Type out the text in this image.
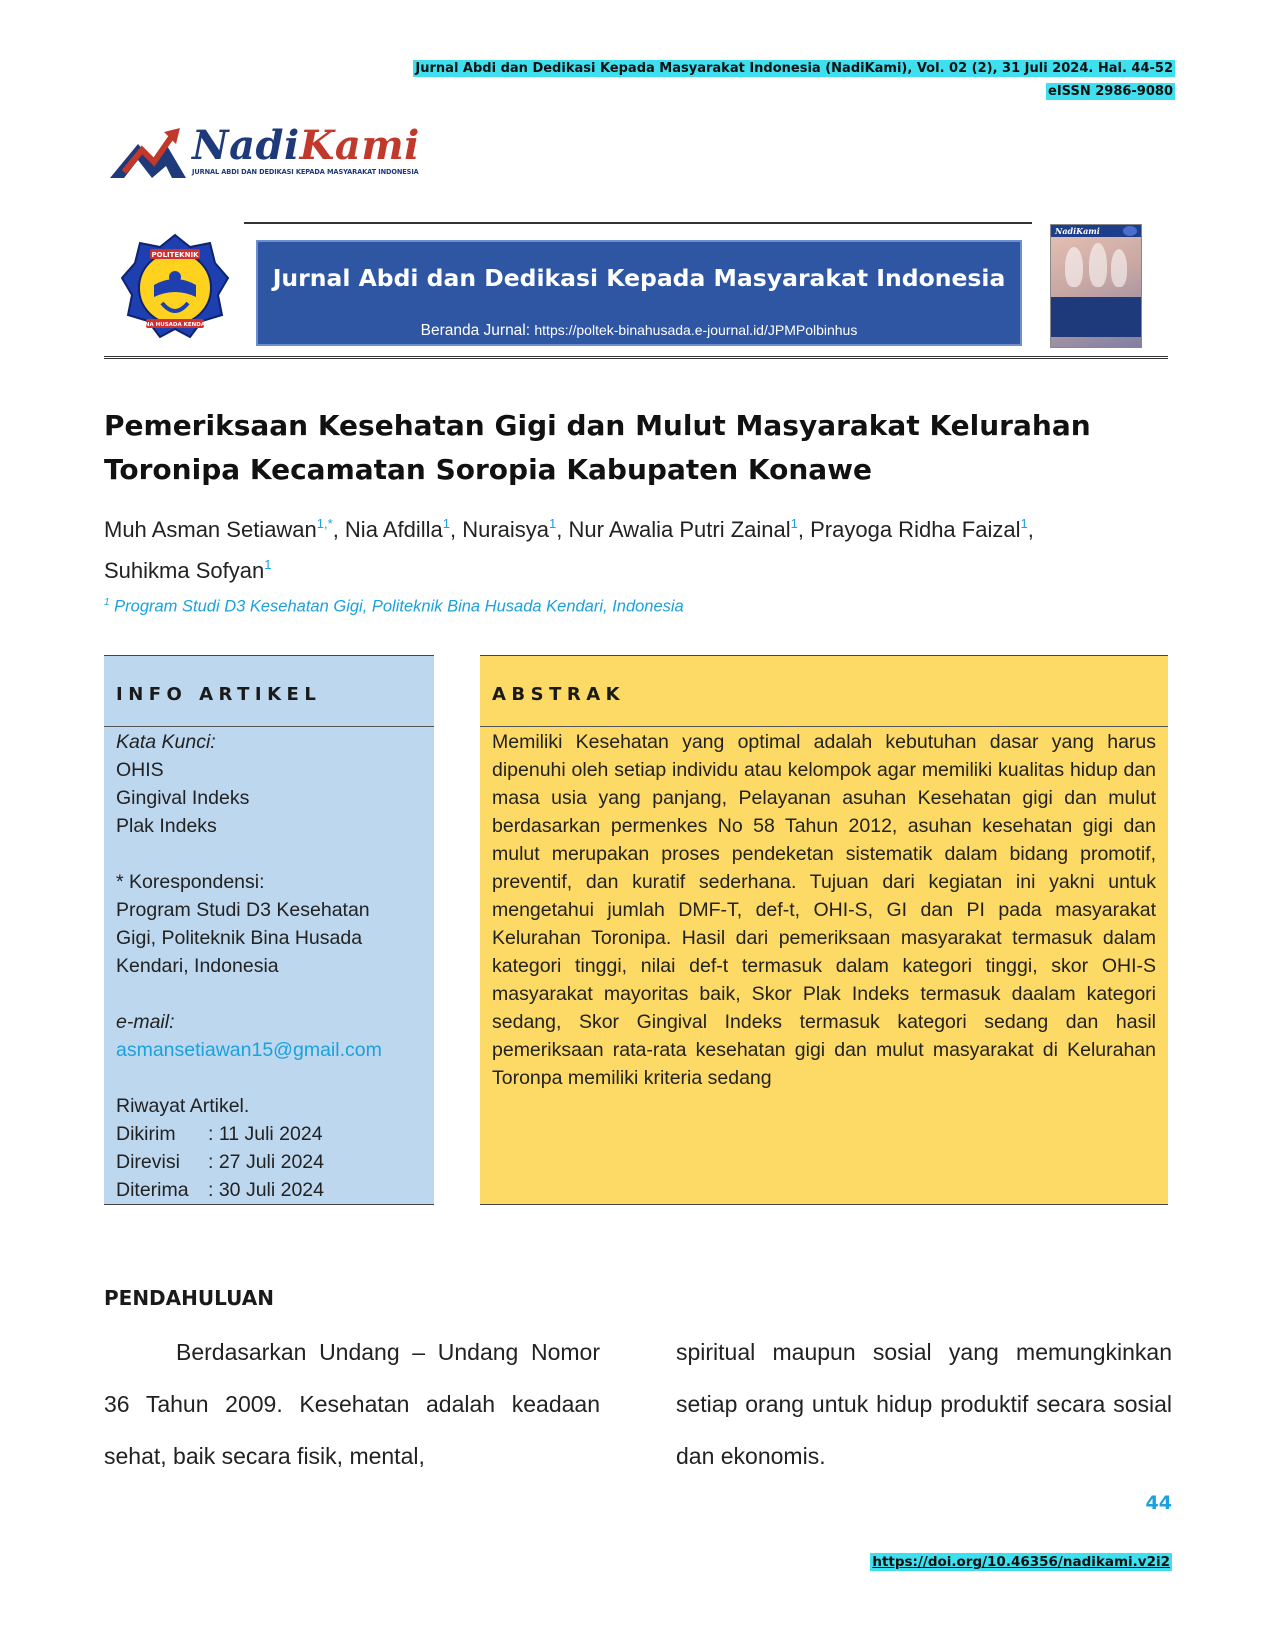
Jurnal Abdi dan Dedikasi Kepada Masyarakat Indonesia (NadiKami), Vol. 02 (2), 31 Juli 2024. Hal. 44-52
eISSN 2986-9080
NadiKami
JURNAL ABDI DAN DEDIKASI KEPADA MASYARAKAT INDONESIA
POLITEKNIK
BINA HUSADA KENDARI
Jurnal Abdi dan Dedikasi Kepada Masyarakat Indonesia
Beranda Jurnal: https://poltek-binahusada.e-journal.id/JPMPolbinhus
NadiKami
Pemeriksaan Kesehatan Gigi dan Mulut Masyarakat Kelurahan
Toronipa Kecamatan Soropia Kabupaten Konawe
Muh Asman Setiawan$^{1,*}$, Nia Afdilla$^1$, Nuraisya$^1$, Nur Awalia Putri Zainal$^1$, Prayoga Ridha Faizal$^1$,
Suhikma Sofyan$^1$
$^1$ Program Studi D3 Kesehatan Gigi, Politeknik Bina Husada Kendari, Indonesia
INFO ARTIKEL
Kata Kunci:
OHIS
Gingival Indeks
Plak Indeks
* Korespondensi:
Program Studi D3 Kesehatan
Gigi, Politeknik Bina Husada
Kendari, Indonesia
e-mail:
asmansetiawan15@gmail.com
Riwayat Artikel.
Dikirim : 11 Juli 2024
Direvisi : 27 Juli 2024
Diterima : 30 Juli 2024
ABSTRAK
Memiliki Kesehatan yang optimal adalah kebutuhan dasar yang harus dipenuhi oleh setiap individu atau kelompok agar memiliki kualitas hidup dan masa usia yang panjang, Pelayanan asuhan Kesehatan gigi dan mulut berdasarkan permenkes No 58 Tahun 2012, asuhan kesehatan gigi dan mulut merupakan proses pendeketan sistematik dalam bidang promotif, preventif, dan kuratif sederhana. Tujuan dari kegiatan ini yakni untuk mengetahui jumlah DMF-T, def-t, OHI-S, GI dan PI pada masyarakat Kelurahan Toronipa. Hasil dari pemeriksaan masyarakat termasuk dalam kategori tinggi, nilai def-t termasuk dalam kategori tinggi, skor OHI-S masyarakat mayoritas baik, Skor Plak Indeks termasuk daalam kategori sedang, Skor Gingival Indeks termasuk kategori sedang dan hasil pemeriksaan rata-rata kesehatan gigi dan mulut masyarakat di Kelurahan Toronpa memiliki kriteria sedang
PENDAHULUAN
Berdasarkan Undang – Undang Nomor 36 Tahun 2009. Kesehatan adalah keadaan sehat, baik secara fisik, mental,
spiritual maupun sosial yang memungkinkan setiap orang untuk hidup produktif secara sosial dan ekonomis.
44
https://doi.org/10.46356/nadikami.v2i2
